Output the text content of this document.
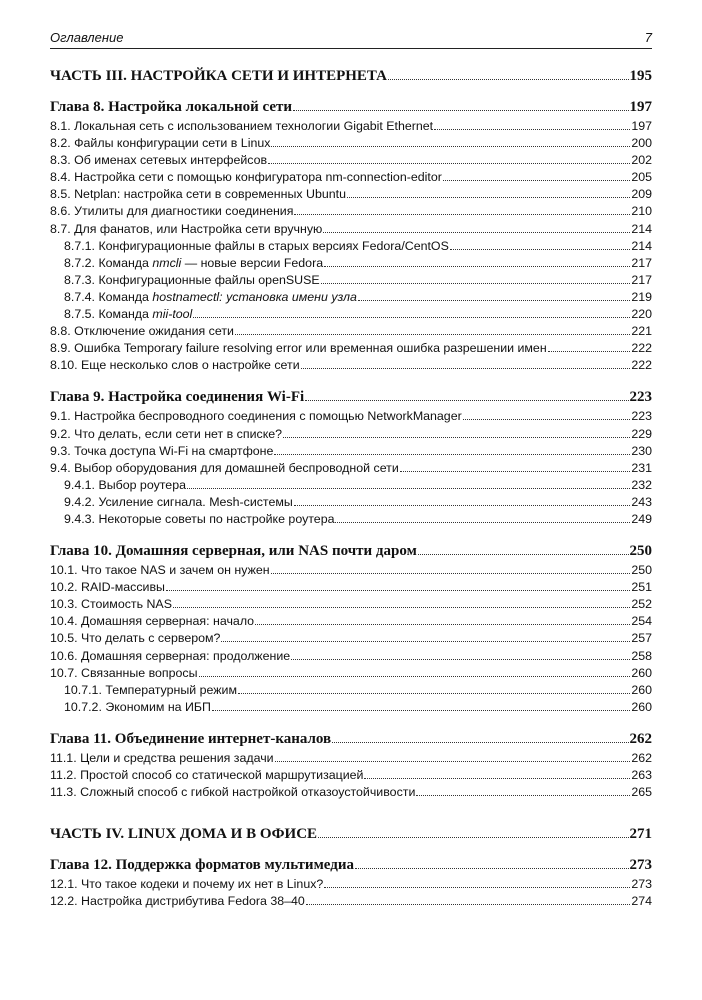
Оглавление	7
ЧАСТЬ III. НАСТРОЙКА СЕТИ И ИНТЕРНЕТА	195
Глава 8. Настройка локальной сети	197
8.1. Локальная сеть с использованием технологии Gigabit Ethernet	197
8.2. Файлы конфигурации сети в Linux	200
8.3. Об именах сетевых интерфейсов	202
8.4. Настройка сети с помощью конфигуратора nm-connection-editor	205
8.5. Netplan: настройка сети в современных Ubuntu	209
8.6. Утилиты для диагностики соединения	210
8.7. Для фанатов, или Настройка сети вручную	214
8.7.1. Конфигурационные файлы в старых версиях Fedora/CentOS	214
8.7.2. Команда nmcli — новые версии Fedora	217
8.7.3. Конфигурационные файлы openSUSE	217
8.7.4. Команда hostnamectl: установка имени узла	219
8.7.5. Команда mii-tool	220
8.8. Отключение ожидания сети	221
8.9. Ошибка Temporary failure resolving error или временная ошибка разрешении имен	222
8.10. Еще несколько слов о настройке сети	222
Глава 9. Настройка соединения Wi-Fi	223
9.1. Настройка беспроводного соединения с помощью NetworkManager	223
9.2. Что делать, если сети нет в списке?	229
9.3. Точка доступа Wi-Fi на смартфоне	230
9.4. Выбор оборудования для домашней беспроводной сети	231
9.4.1. Выбор роутера	232
9.4.2. Усиление сигнала. Mesh-системы	243
9.4.3. Некоторые советы по настройке роутера	249
Глава 10. Домашняя серверная, или NAS почти даром	250
10.1. Что такое NAS и зачем он нужен	250
10.2. RAID-массивы	251
10.3. Стоимость NAS	252
10.4. Домашняя серверная: начало	254
10.5. Что делать с сервером?	257
10.6. Домашняя серверная: продолжение	258
10.7. Связанные вопросы	260
10.7.1. Температурный режим	260
10.7.2. Экономим на ИБП	260
Глава 11. Объединение интернет-каналов	262
11.1. Цели и средства решения задачи	262
11.2. Простой способ со статической маршрутизацией	263
11.3. Сложный способ с гибкой настройкой отказоустойчивости	265
ЧАСТЬ IV. LINUX ДОМА И В ОФИСЕ	271
Глава 12. Поддержка форматов мультимедиа	273
12.1. Что такое кодеки и почему их нет в Linux?	273
12.2. Настройка дистрибутива Fedora 38–40	274
